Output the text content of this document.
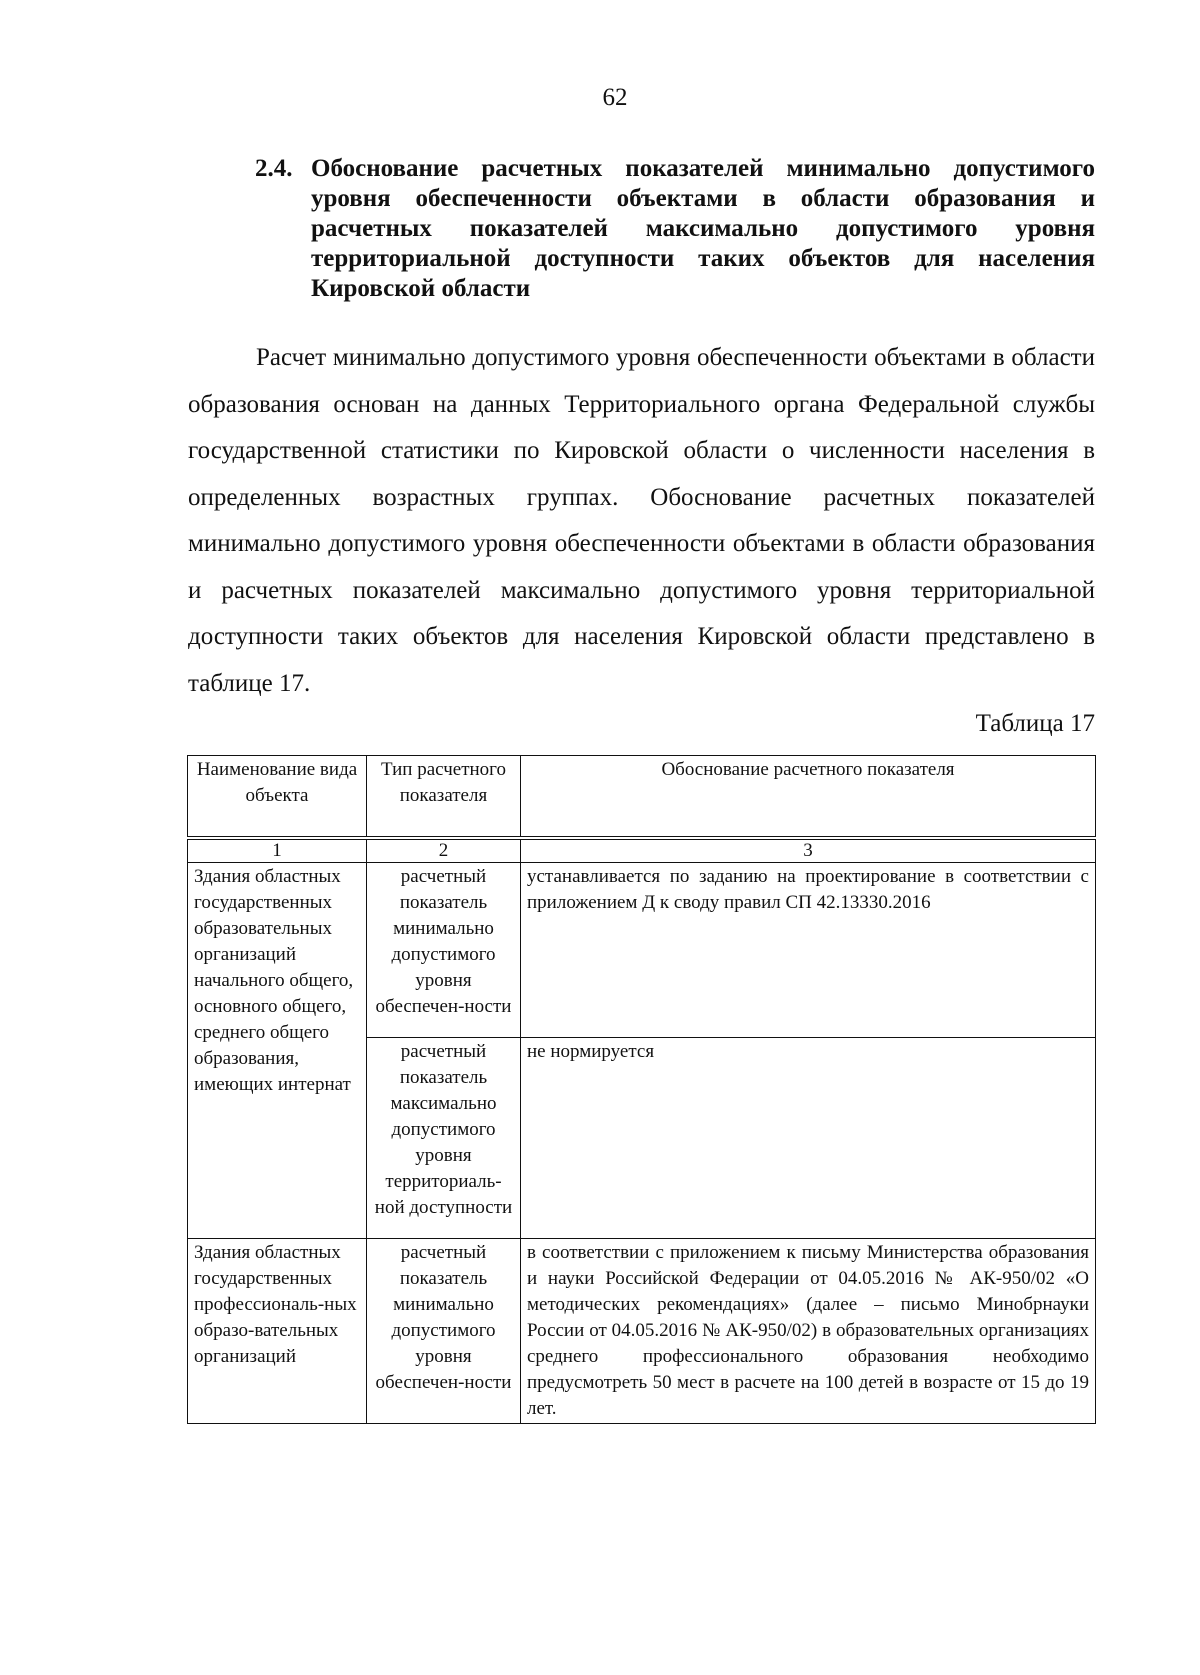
62
2.4. Обоснование расчетных показателей минимально допустимого уровня обеспеченности объектами в области образования и расчетных показателей максимально допустимого уровня территориальной доступности таких объектов для населения Кировской области

Расчет минимально допустимого уровня обеспеченности объектами в области образования основан на данных Территориального органа Федеральной службы государственной статистики по Кировской области о численности населения в определенных возрастных группах. Обоснование расчетных показателей минимально допустимого уровня обеспеченности объектами в области образования и расчетных показателей максимально допустимого уровня территориальной доступности таких объектов для населения Кировской области представлено в таблице 17.

Таблица 17
Наименование вида объекта	Тип расчетного показателя	Обоснование расчетного показателя
1	2	3
Здания областных государственных образовательных организаций начального общего, основного общего, среднего общего образования, имеющих интернат	расчетный показатель минимально допустимого уровня обеспечен-ности	устанавливается по заданию на проектирование в соответствии с приложением Д к своду правил СП 42.13330.2016
	расчетный показатель максимально допустимого уровня территориаль-ной доступности	не нормируется
Здания областных государственных профессиональ-ных образо-вательных организаций	расчетный показатель минимально допустимого уровня обеспечен-ности	в соответствии с приложением к письму Министерства образования и науки Российской Федерации от 04.05.2016 № АК-950/02 «О методических рекомендациях» (далее – письмо Минобрнауки России от 04.05.2016 № АК-950/02) в образовательных организациях среднего профессионального образования необходимо предусмотреть 50 мест в расчете на 100 детей в возрасте от 15 до 19 лет.
